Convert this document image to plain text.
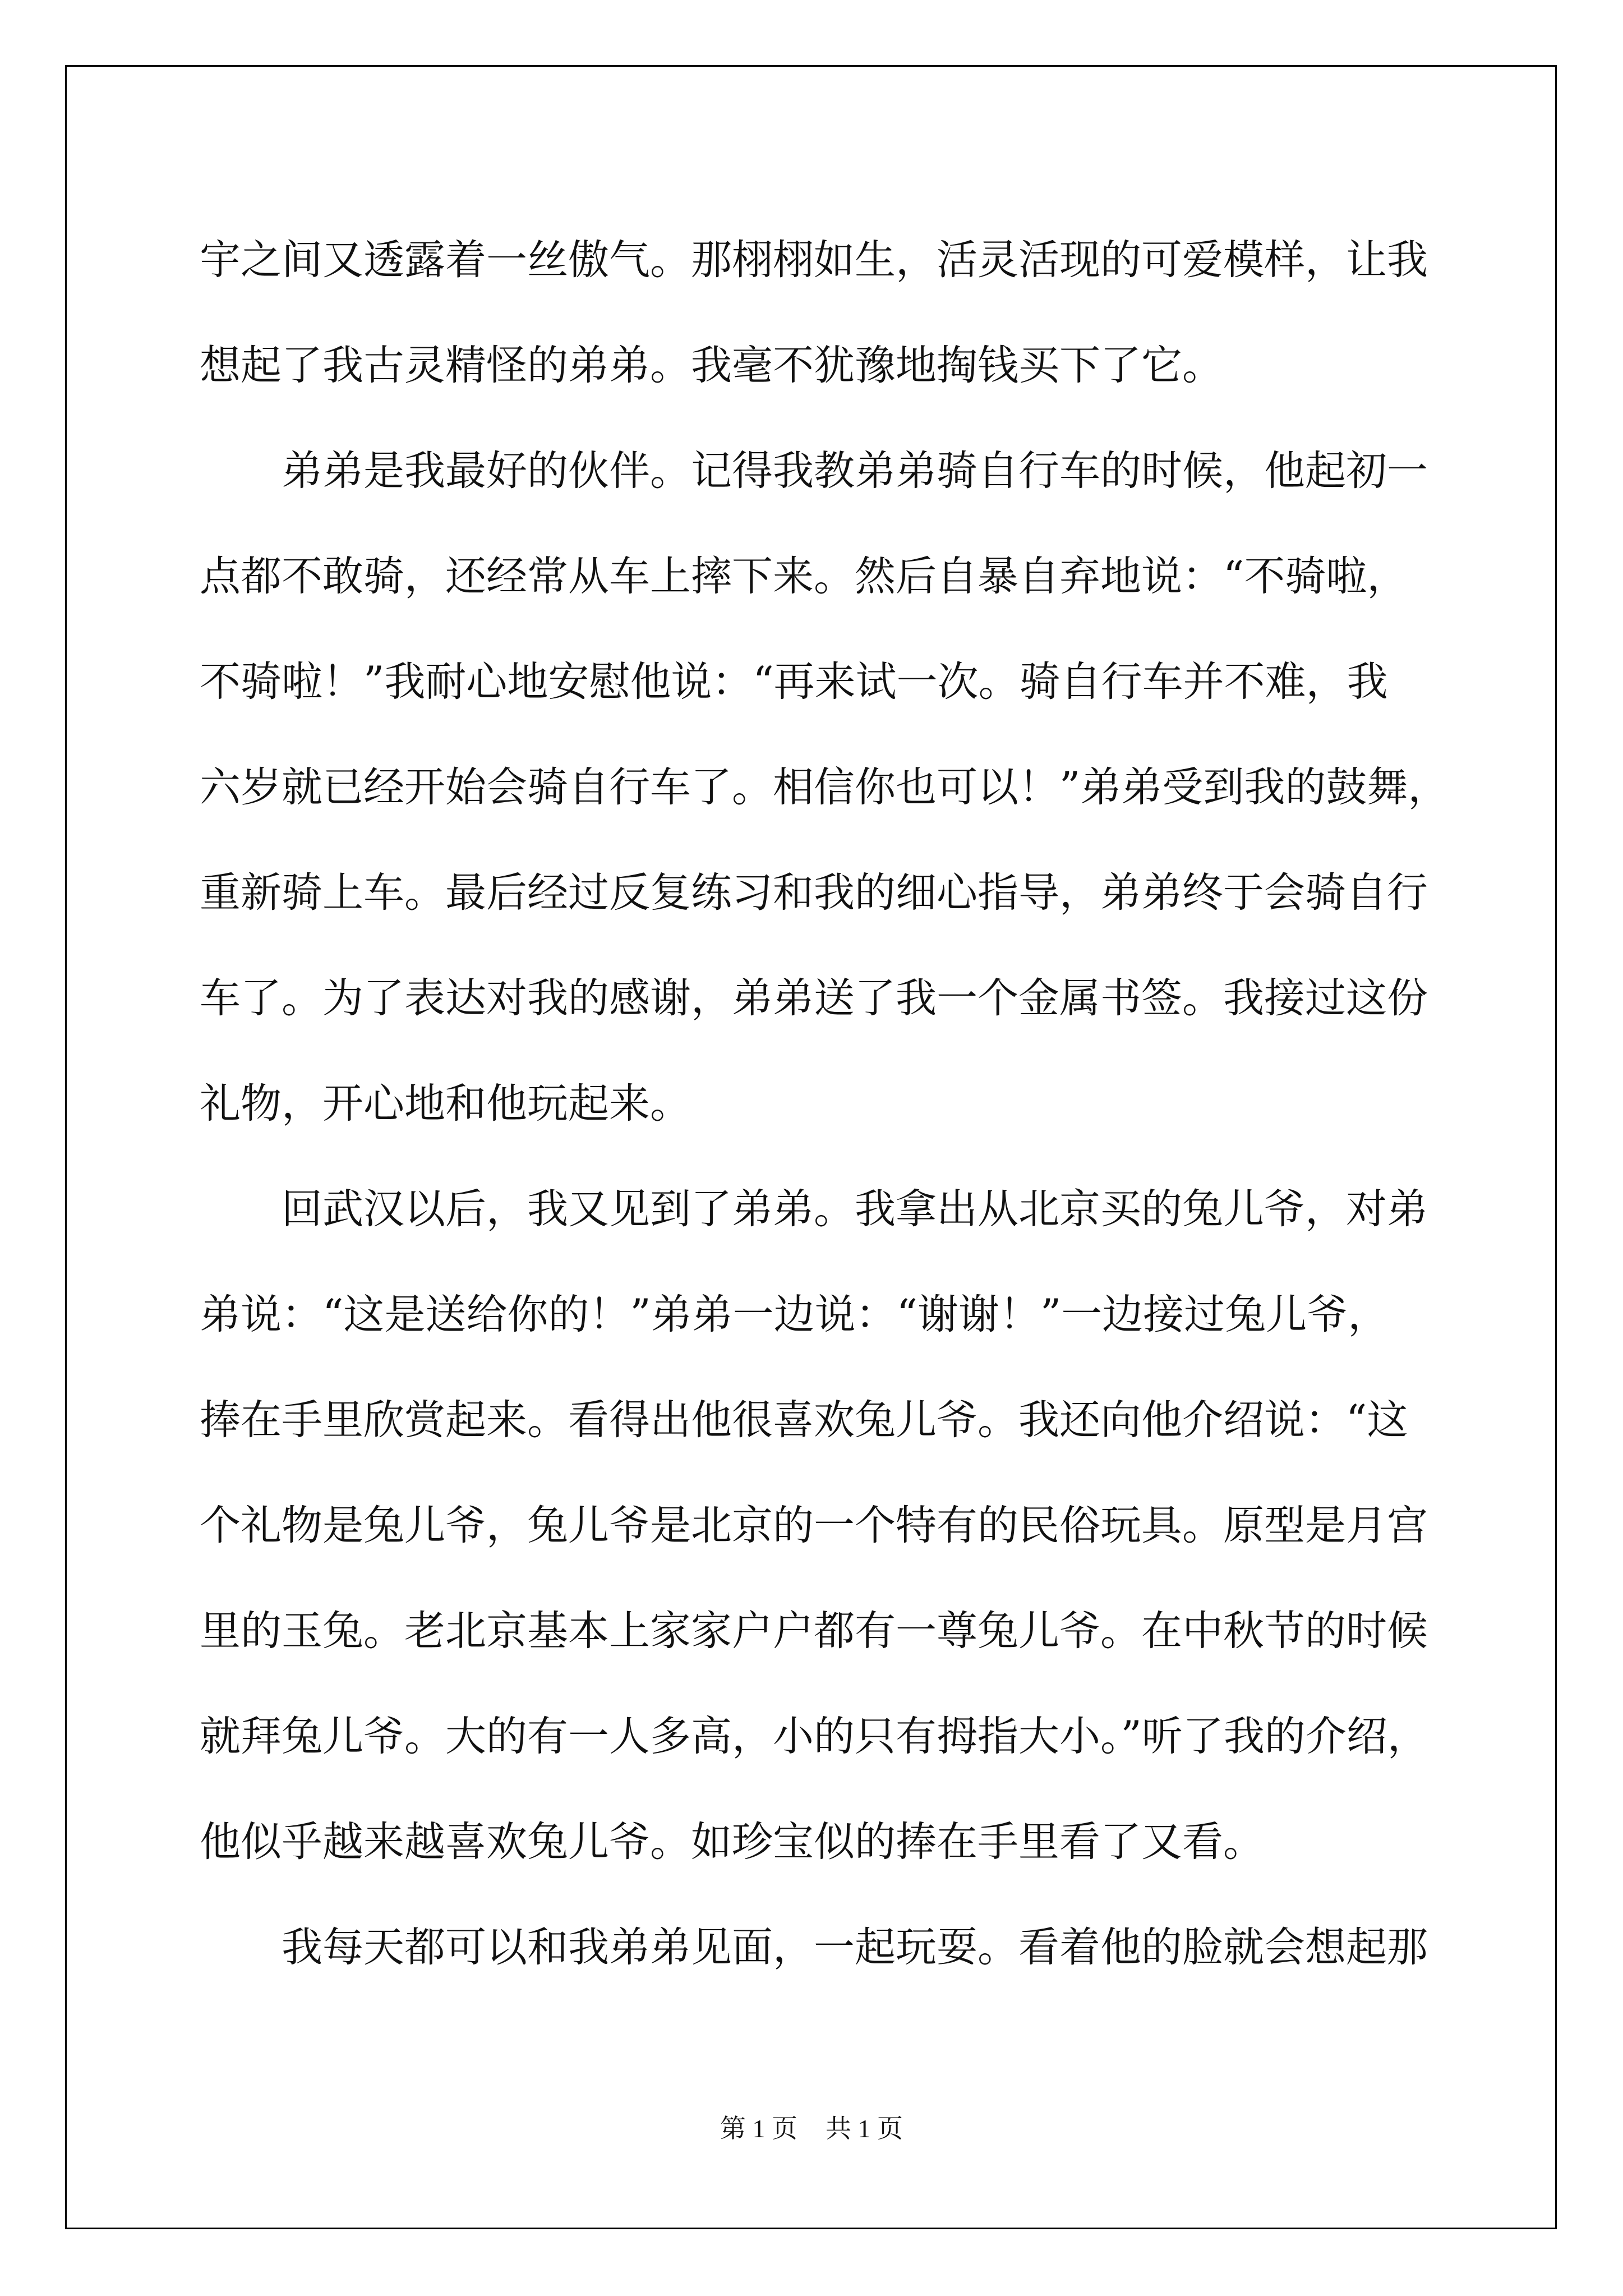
宇之间又透露着一丝傲气。那栩栩如生，活灵活现的可爱模样，让我
想起了我古灵精怪的弟弟。我毫不犹豫地掏钱买下了它。
弟弟是我最好的伙伴。记得我教弟弟骑自行车的时候，他起初一
点都不敢骑，还经常从车上摔下来。然后自暴自弃地说：“不骑啦，
不骑啦！”我耐心地安慰他说：“再来试一次。骑自行车并不难，我
六岁就已经开始会骑自行车了。相信你也可以！”弟弟受到我的鼓舞，
重新骑上车。最后经过反复练习和我的细心指导，弟弟终于会骑自行
车了。为了表达对我的感谢，弟弟送了我一个金属书签。我接过这份
礼物，开心地和他玩起来。
回武汉以后，我又见到了弟弟。我拿出从北京买的兔儿爷，对弟
弟说：“这是送给你的！”弟弟一边说：“谢谢！”一边接过兔儿爷，
捧在手里欣赏起来。看得出他很喜欢兔儿爷。我还向他介绍说：“这
个礼物是兔儿爷，兔儿爷是北京的一个特有的民俗玩具。原型是月宫
里的玉兔。老北京基本上家家户户都有一尊兔儿爷。在中秋节的时候
就拜兔儿爷。大的有一人多高，小的只有拇指大小。”听了我的介绍，
他似乎越来越喜欢兔儿爷。如珍宝似的捧在手里看了又看。
我每天都可以和我弟弟见面，一起玩耍。看着他的脸就会想起那
第 1 页 共 1 页
